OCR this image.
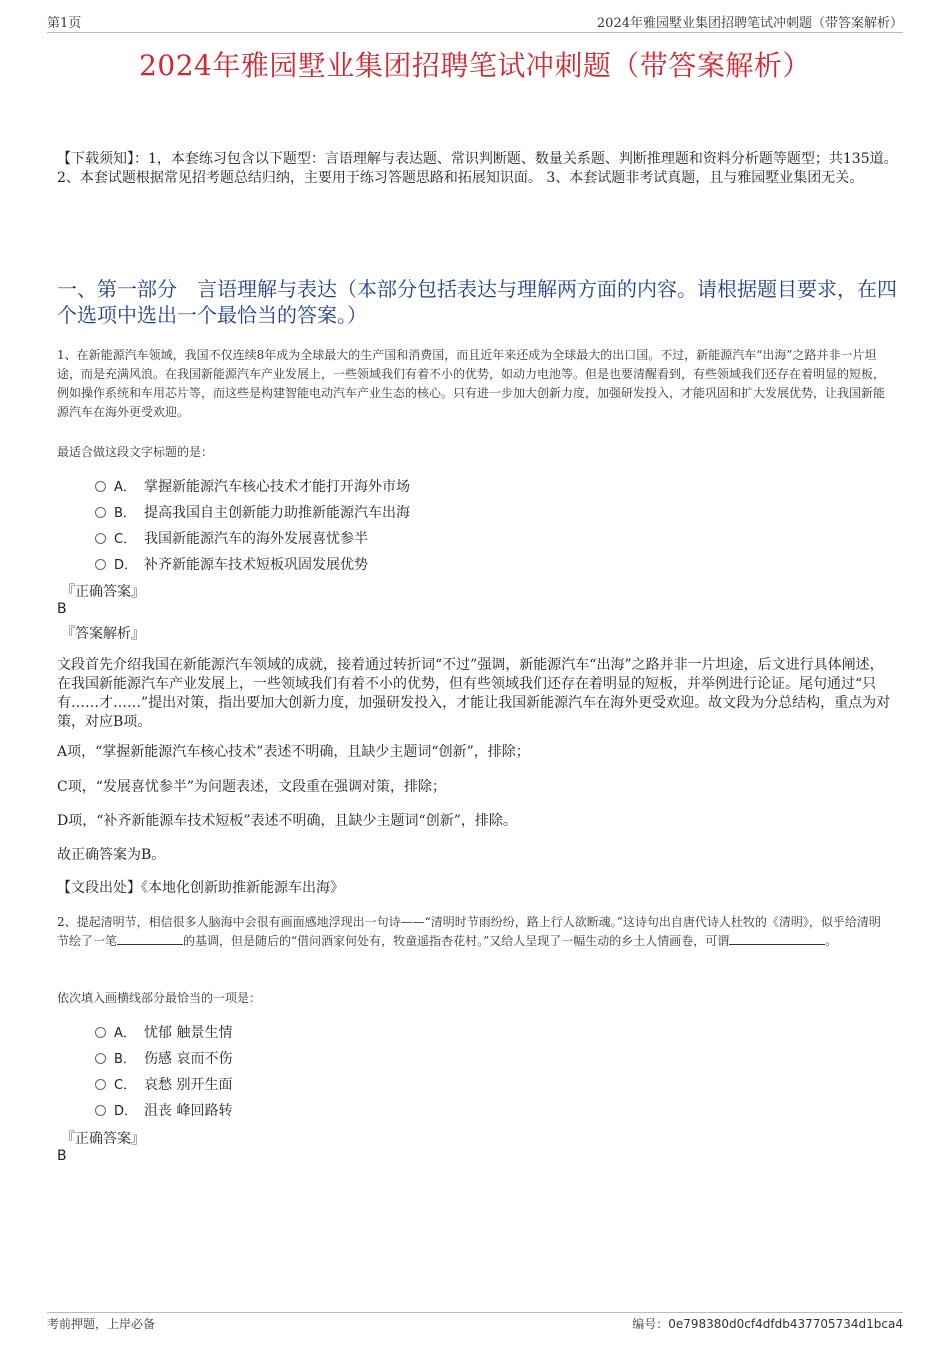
第1页	2024年雅园墅业集团招聘笔试冲刺题（带答案解析）
2024年雅园墅业集团招聘笔试冲刺题（带答案解析）
【下载须知】：1，本套练习包含以下题型：言语理解与表达题、常识判断题、数量关系题、判断推理题和资料分析题等题型；共135道。 2、本套试题根据常见招考题总结归纳，主要用于练习答题思路和拓展知识面。 3、本套试题非考试真题，且与雅园墅业集团无关。
一、第一部分　言语理解与表达（本部分包括表达与理解两方面的内容。请根据题目要求，在四个选项中选出一个最恰当的答案。）
1、在新能源汽车领域，我国不仅连续8年成为全球最大的生产国和消费国，而且近年来还成为全球最大的出口国。不过，新能源汽车“出海”之路并非一片坦途，而是充满风浪。在我国新能源汽车产业发展上，一些领域我们有着不小的优势，如动力电池等。但是也要清醒看到，有些领域我们还存在着明显的短板，例如操作系统和车用芯片等，而这些是构建智能电动汽车产业生态的核心。只有进一步加大创新力度，加强研发投入，才能巩固和扩大发展优势，让我国新能源汽车在海外更受欢迎。
最适合做这段文字标题的是：
A． 掌握新能源汽车核心技术才能打开海外市场
B． 提高我国自主创新能力助推新能源汽车出海
C． 我国新能源汽车的海外发展喜忧参半
D． 补齐新能源车技术短板巩固发展优势
『正确答案』
B
『答案解析』
文段首先介绍我国在新能源汽车领域的成就，接着通过转折词“不过”强调，新能源汽车“出海”之路并非一片坦途，后文进行具体阐述，在我国新能源汽车产业发展上，一些领域我们有着不小的优势，但有些领域我们还存在着明显的短板，并举例进行论证。尾句通过“只有……才……”提出对策，指出要加大创新力度，加强研发投入，才能让我国新能源汽车在海外更受欢迎。故文段为分总结构，重点为对策，对应B项。
A项，“掌握新能源汽车核心技术”表述不明确，且缺少主题词“创新”，排除；
C项，“发展喜忧参半”为问题表述，文段重在强调对策，排除；
D项，“补齐新能源车技术短板”表述不明确，且缺少主题词“创新”，排除。
故正确答案为B。
【文段出处】《本地化创新助推新能源车出海》
2、提起清明节，相信很多人脑海中会很有画面感地浮现出一句诗——“清明时节雨纷纷，路上行人欲断魂。”这诗句出自唐代诗人杜牧的《清明》，似乎给清明节绘了一笔	的基调，但是随后的“借问酒家何处有，牧童遥指杏花村。”又给人呈现了一幅生动的乡土人情画卷，可谓	。
依次填入画横线部分最恰当的一项是：
A． 忧郁 触景生情
B． 伤感 哀而不伤
C． 哀愁 别开生面
D． 沮丧 峰回路转
『正确答案』
B
考前押题，上岸必备	编号：0e798380d0cf4dfdb437705734d1bca4
